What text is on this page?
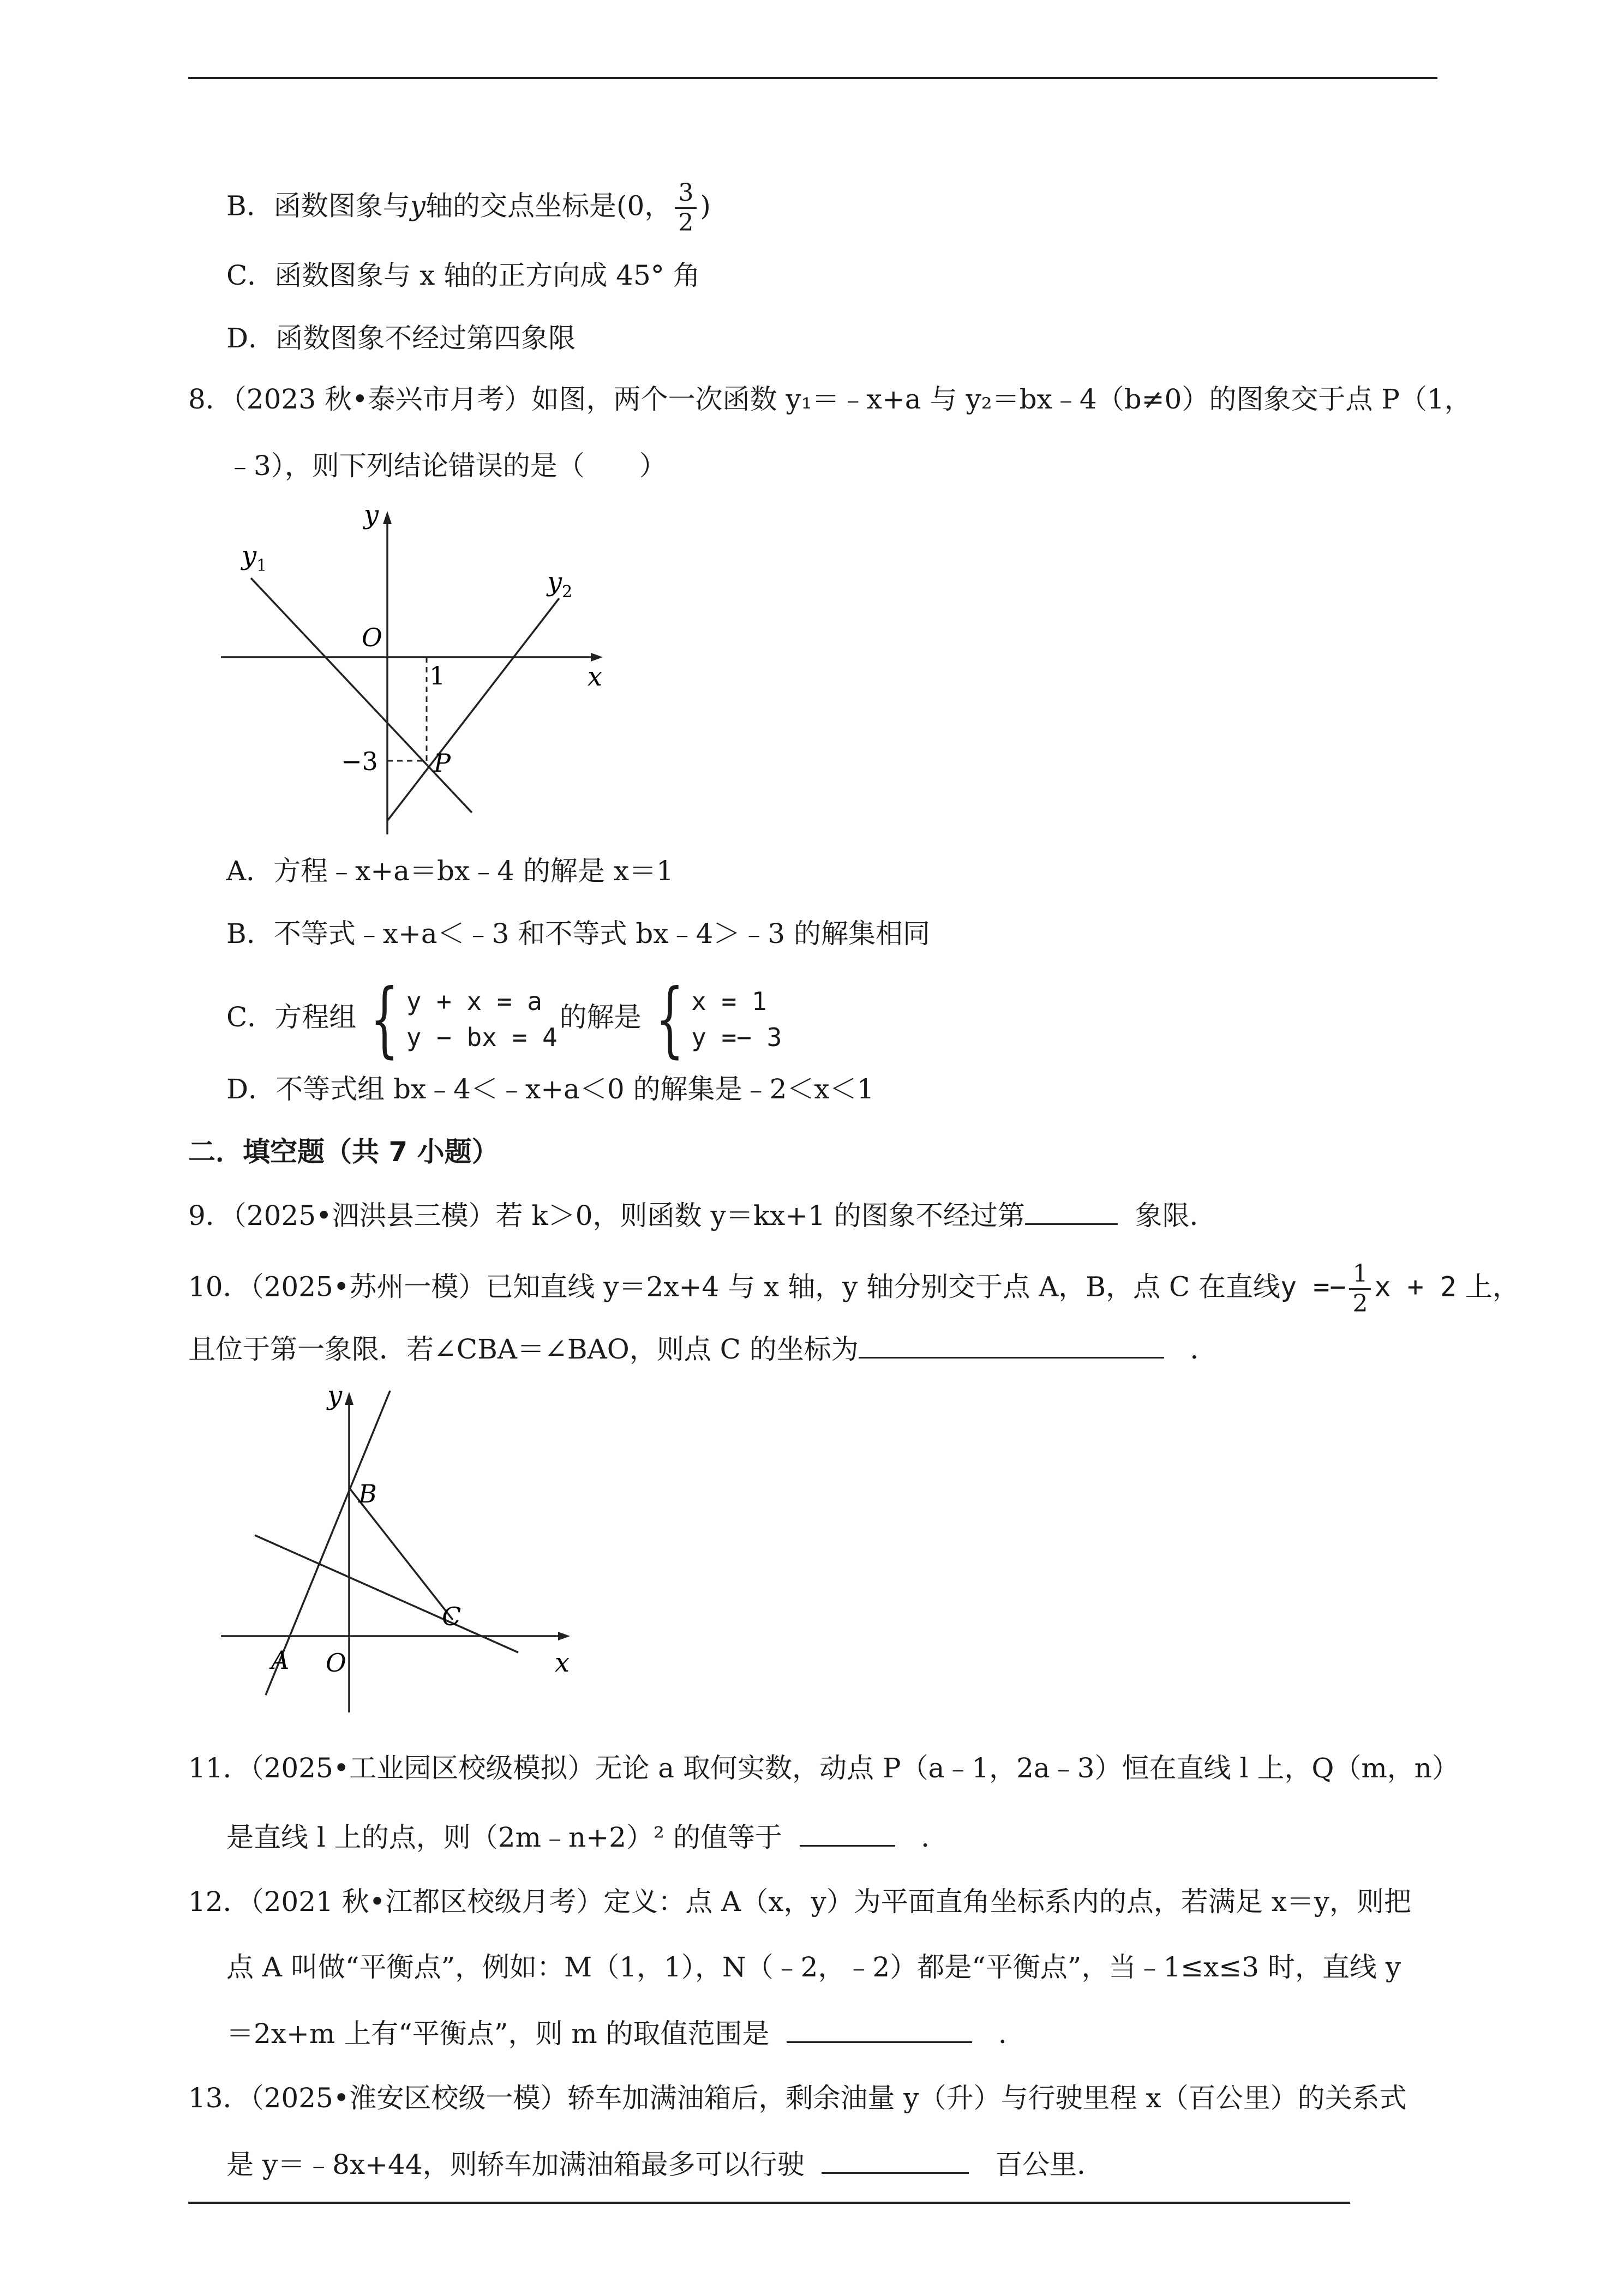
B．函数图象与y轴的交点坐标是(0， $\frac{3}{2}$ )
C．函数图象与 x 轴的正方向成 45° 角
D．函数图象不经过第四象限
8．（2023 秋•泰兴市月考）如图，两个一次函数 y₁＝﹣x+a 与 y₂＝bx﹣4（b≠0）的图象交于点 P（1，
﹣3），则下列结论错误的是（　　）
y
x
O
$y_1$
$y_2$
1
−3 P
A．方程﹣x+a＝bx﹣4 的解是 x＝1
B．不等式﹣x+a＜﹣3 和不等式 bx﹣4＞﹣3 的解集相同
C．方程组 { y + x = a
y − bx = 4
的解是 { x = 1
y =− 3
D．不等式组 bx﹣4＜﹣x+a＜0 的解集是﹣2＜x＜1
二．填空题（共 7 小题）
9．（2025•泗洪县三模）若 k＞0，则函数 y＝kx+1 的图象不经过第	象限．
10．（2025•苏州一模）已知直线 y＝2x+4 与 x 轴，y 轴分别交于点 A，B，点 C 在直线$y =- \frac{1}{2}$ x + 2 上，
且位于第一象限．若∠CBA＝∠BAO，则点 C 的坐标为	．
y
x
O
A
B
C
11．（2025•工业园区校级模拟）无论 a 取何实数，动点 P（a﹣1，2a﹣3）恒在直线 l 上，Q（m，n）
是直线 l 上的点，则（2m﹣n+2）² 的值等于	．
12．（2021 秋•江都区校级月考）定义：点 A（x，y）为平面直角坐标系内的点，若满足 x＝y，则把
点 A 叫做“平衡点”，例如：M（1，1），N（﹣2，﹣2）都是“平衡点”，当﹣1≤x≤3 时，直线 y
＝2x+m 上有“平衡点”，则 m 的取值范围是	．
13．（2025•淮安区校级一模）轿车加满油箱后，剩余油量 y（升）与行驶里程 x（百公里）的关系式
是 y＝﹣8x+44，则轿车加满油箱最多可以行驶	百公里．
